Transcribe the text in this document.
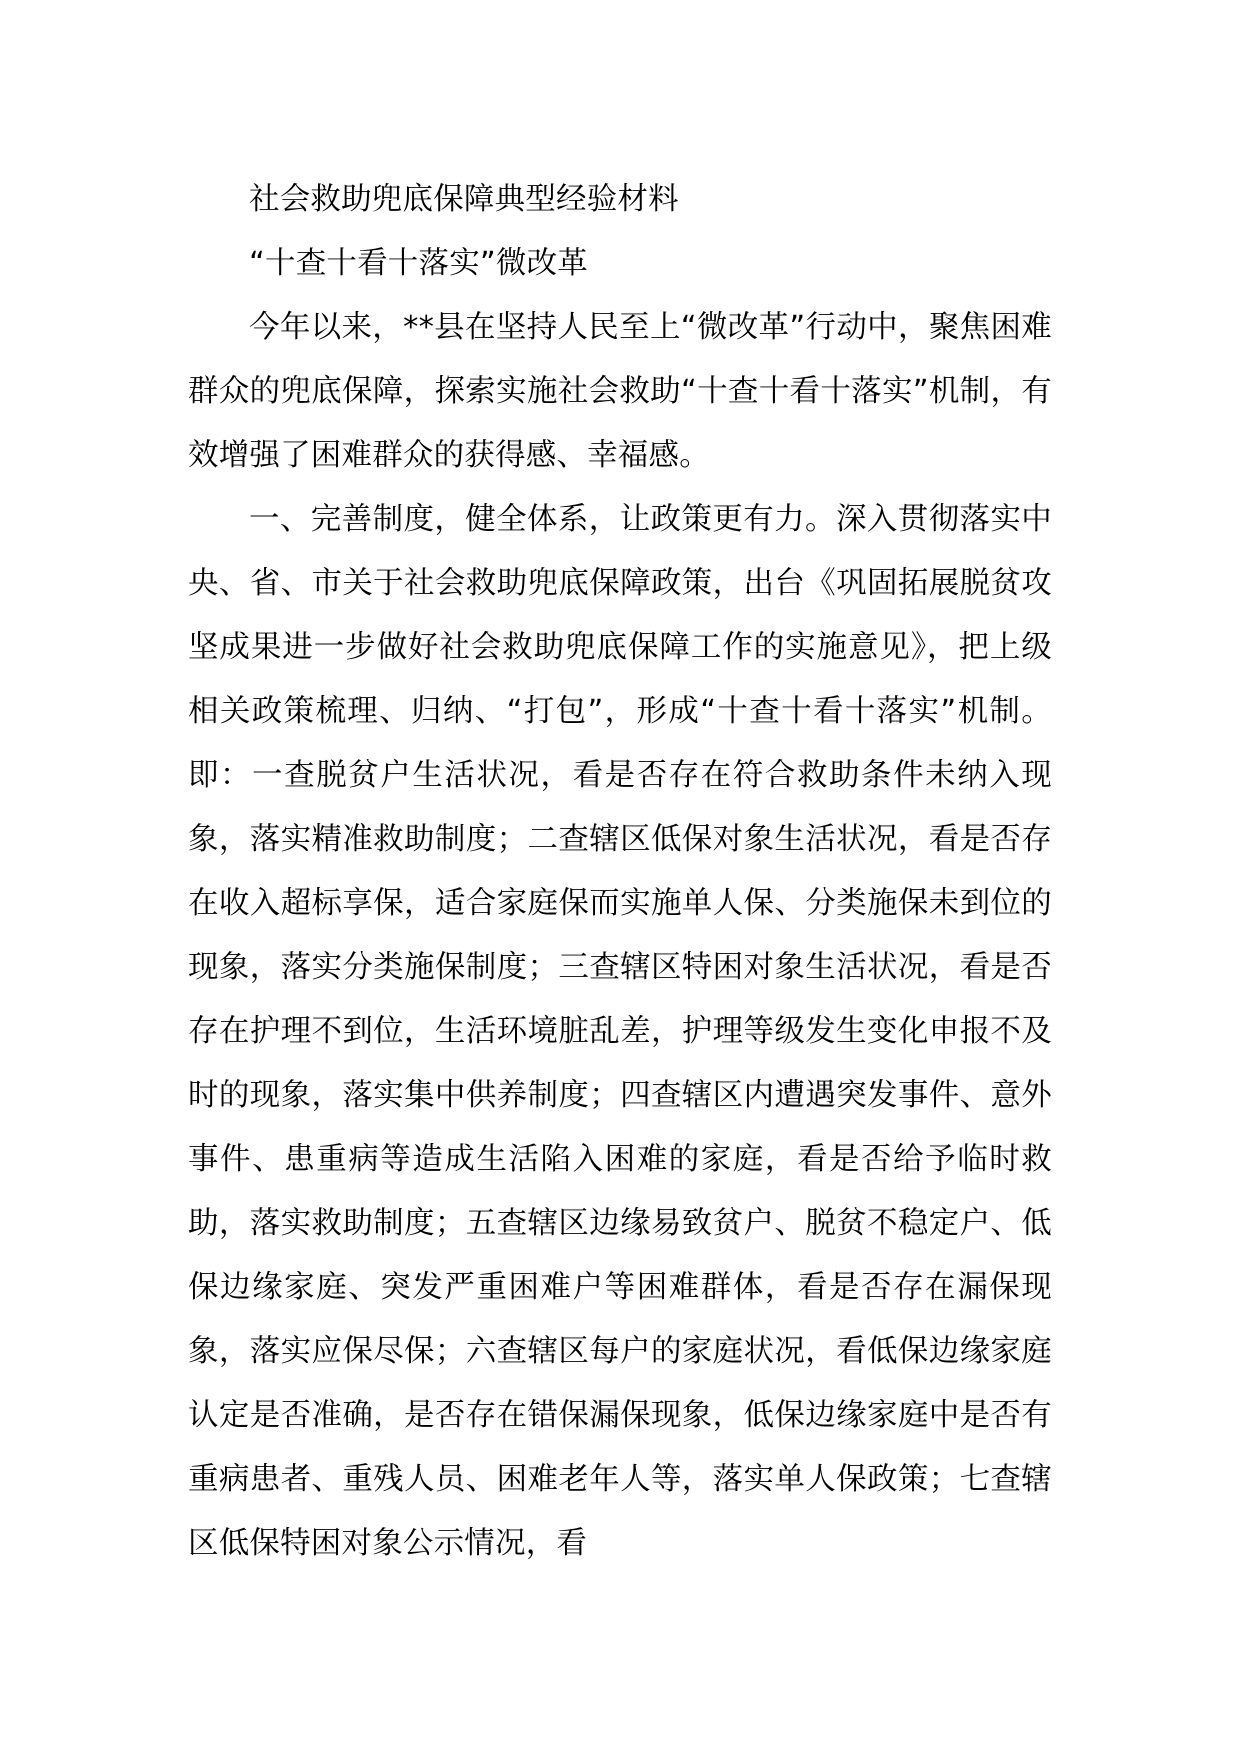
社会救助兜底保障典型经验材料

“十查十看十落实”微改革

今年以来，**县在坚持人民至上“微改革”行动中，聚焦困难群众的兜底保障，探索实施社会救助“十查十看十落实”机制，有效增强了困难群众的获得感、幸福感。

一、完善制度，健全体系，让政策更有力。深入贯彻落实中央、省、市关于社会救助兜底保障政策，出台《巩固拓展脱贫攻坚成果进一步做好社会救助兜底保障工作的实施意见》，把上级相关政策梳理、归纳、“打包”，形成“十查十看十落实”机制。即：一查脱贫户生活状况，看是否存在符合救助条件未纳入现象，落实精准救助制度；二查辖区低保对象生活状况，看是否存在收入超标享保，适合家庭保而实施单人保、分类施保未到位的现象，落实分类施保制度；三查辖区特困对象生活状况，看是否存在护理不到位，生活环境脏乱差，护理等级发生变化申报不及时的现象，落实集中供养制度；四查辖区内遭遇突发事件、意外事件、患重病等造成生活陷入困难的家庭，看是否给予临时救助，落实救助制度；五查辖区边缘易致贫户、脱贫不稳定户、低保边缘家庭、突发严重困难户等困难群体，看是否存在漏保现象，落实应保尽保；六查辖区每户的家庭状况，看低保边缘家庭认定是否准确，是否存在错保漏保现象，低保边缘家庭中是否有重病患者、重残人员、困难老年人等，落实单人保政策；七查辖区低保特困对象公示情况，看
